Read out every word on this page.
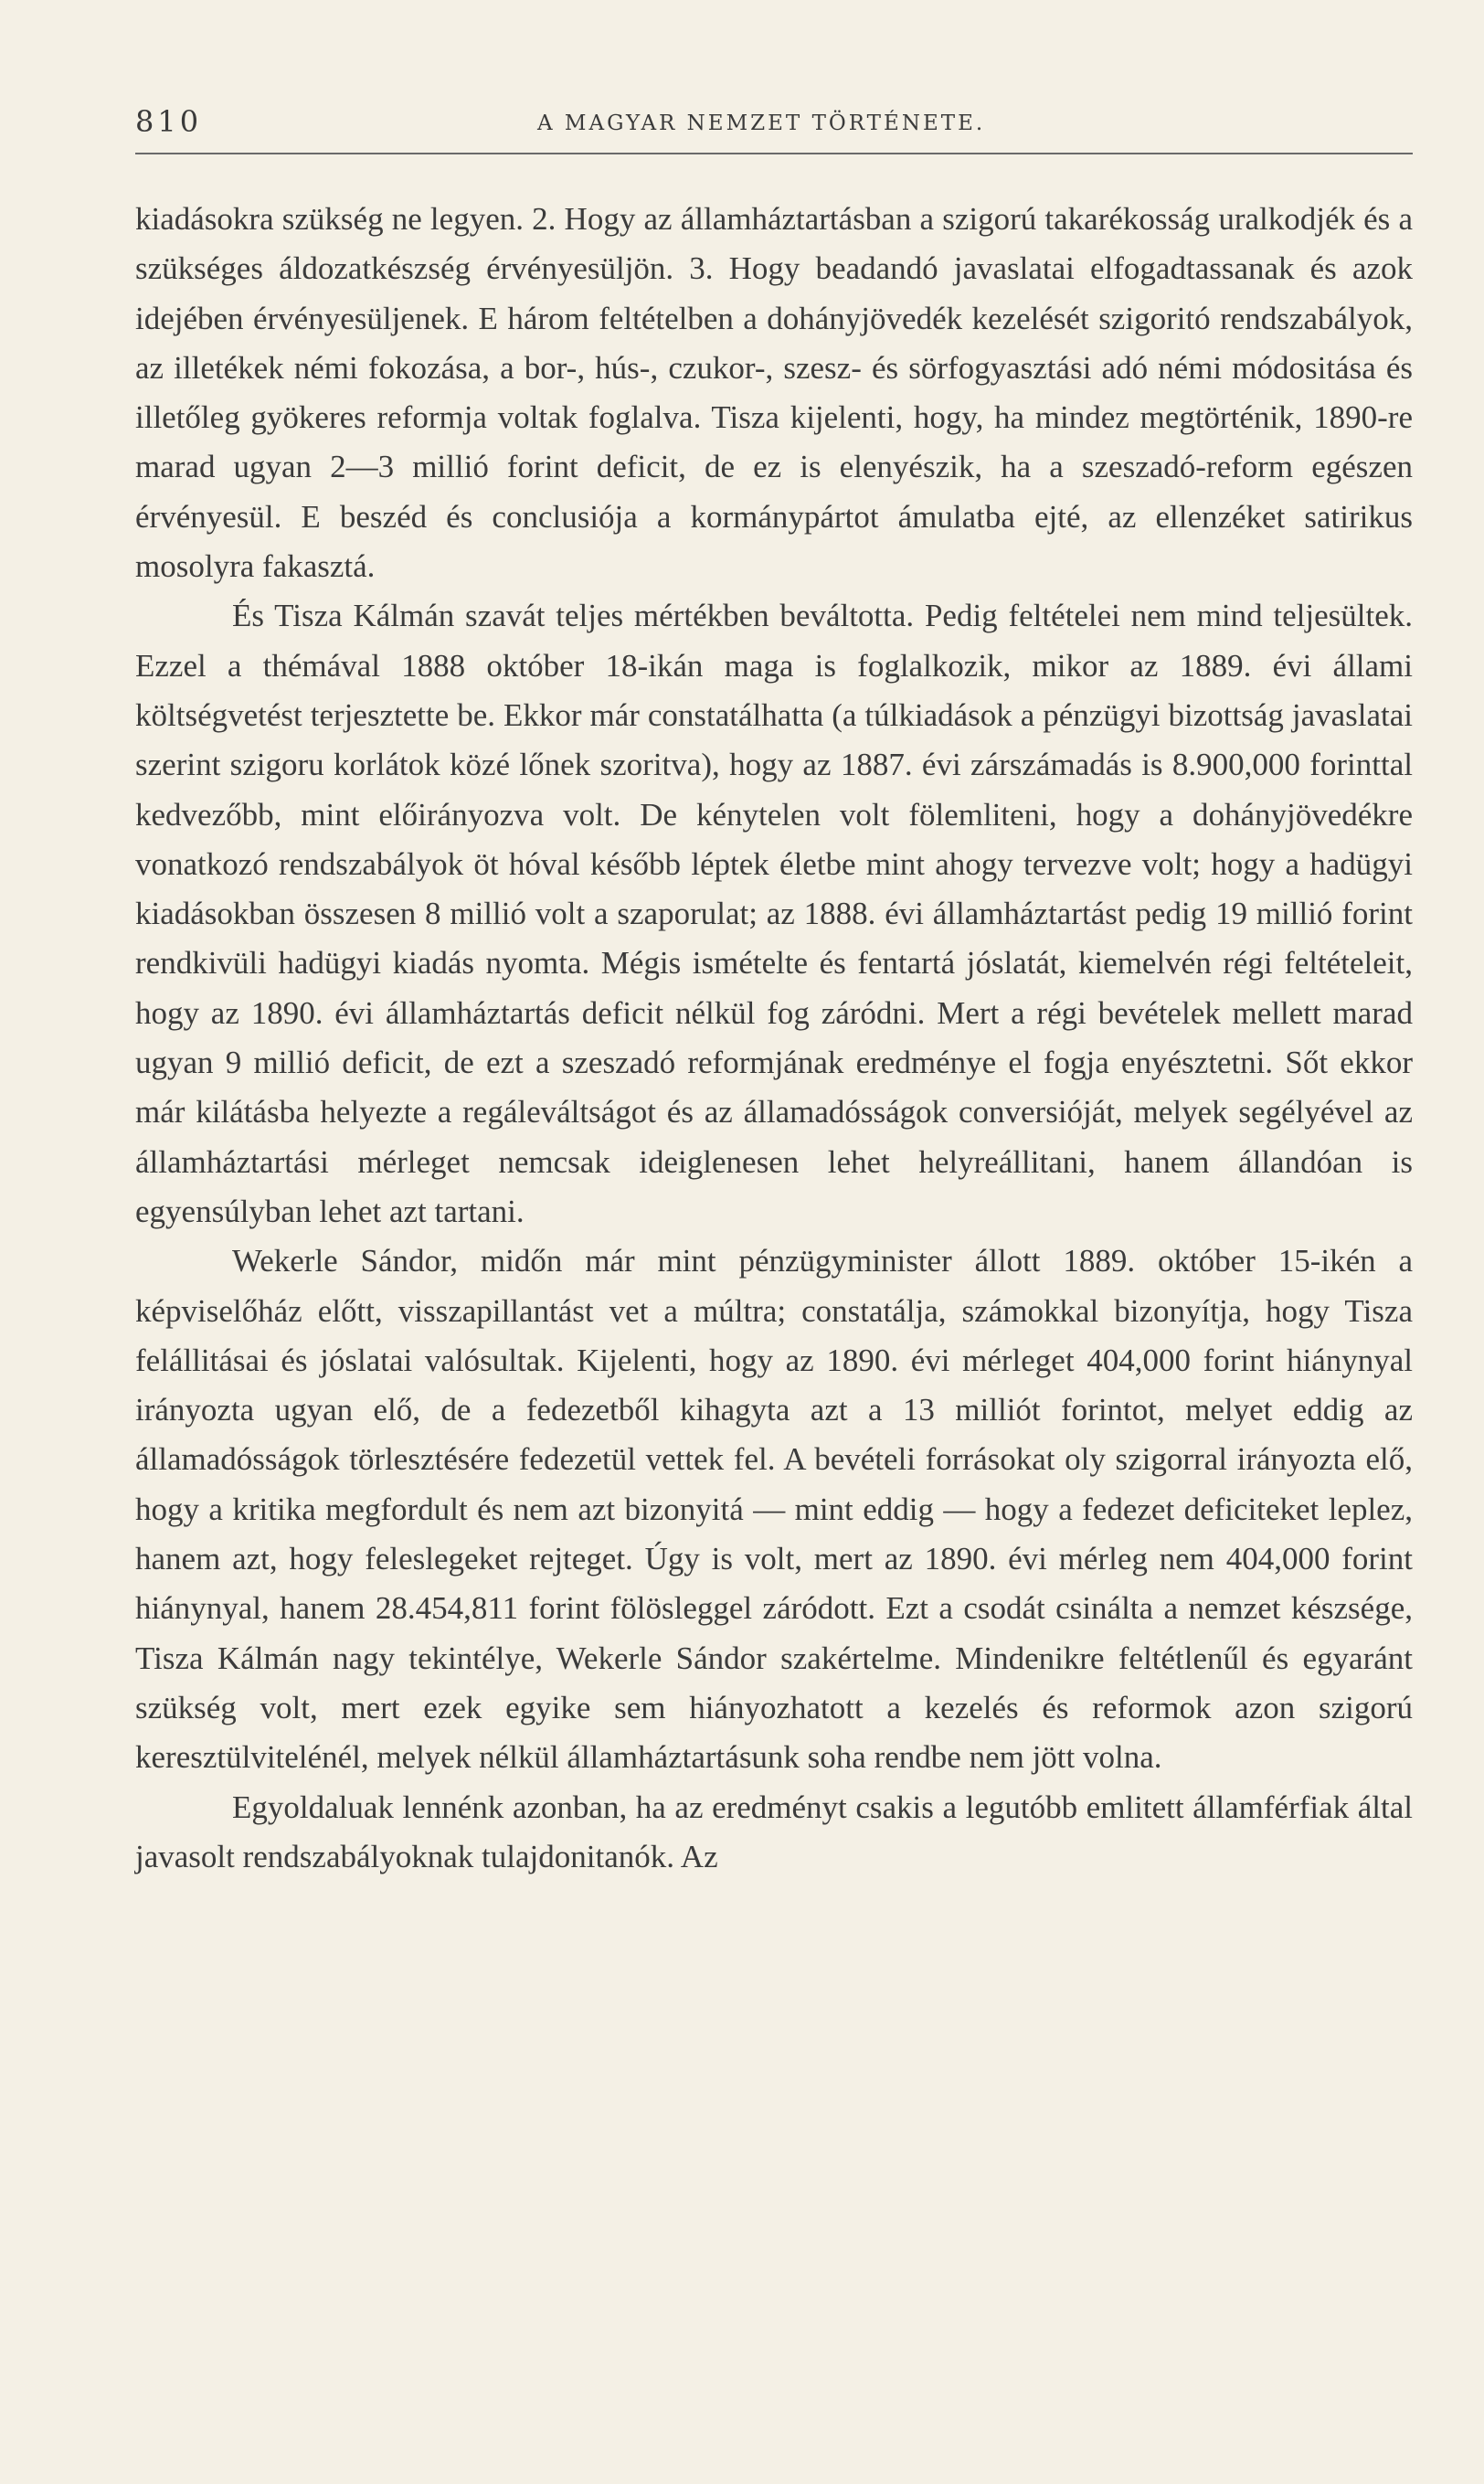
810	A MAGYAR NEMZET TÖRTÉNETE.

kiadásokra szükség ne legyen. 2. Hogy az államháztartásban a szigorú takarékosság uralkodjék és a szükséges áldozatkészség érvényesüljön. 3. Hogy beadandó javaslatai elfogadtassanak és azok idejében érvényesüljenek. E három feltételben a dohányjövedék kezelését szigoritó rendszabályok, az illetékek némi fokozása, a bor-, hús-, czukor-, szesz- és sörfogyasztási adó némi módositása és illetőleg gyökeres reformja voltak foglalva. Tisza kijelenti, hogy, ha mindez megtörténik, 1890-re marad ugyan 2—3 millió forint deficit, de ez is elenyészik, ha a szeszadó-reform egészen érvényesül. E beszéd és conclusiója a kormánypártot ámulatba ejté, az ellenzéket satirikus mosolyra fakasztá.

És Tisza Kálmán szavát teljes mértékben beváltotta. Pedig feltételei nem mind teljesültek. Ezzel a thémával 1888 október 18-ikán maga is foglalkozik, mikor az 1889. évi állami költségvetést terjesztette be. Ekkor már constatálhatta (a túlkiadások a pénzügyi bizottság javaslatai szerint szigoru korlátok közé lőnek szoritva), hogy az 1887. évi zárszámadás is 8.900,000 forinttal kedvezőbb, mint előirányozva volt. De kénytelen volt fölemliteni, hogy a dohányjövedékre vonatkozó rendszabályok öt hóval később léptek életbe mint ahogy tervezve volt; hogy a hadügyi kiadásokban összesen 8 millió volt a szaporulat; az 1888. évi államháztartást pedig 19 millió forint rendkivüli hadügyi kiadás nyomta. Mégis ismételte és fentartá jóslatát, kiemelvén régi feltételeit, hogy az 1890. évi államháztartás deficit nélkül fog záródni. Mert a régi bevételek mellett marad ugyan 9 millió deficit, de ezt a szeszadó reformjának eredménye el fogja enyésztetni. Sőt ekkor már kilátásba helyezte a regáleváltságot és az államadósságok conversióját, melyek segélyével az államháztartási mérleget nemcsak ideiglenesen lehet helyreállitani, hanem állandóan is egyensúlyban lehet azt tartani.

Wekerle Sándor, midőn már mint pénzügyminister állott 1889. október 15-ikén a képviselőház előtt, visszapillantást vet a múltra; constatálja, számokkal bizonyítja, hogy Tisza felállitásai és jóslatai valósultak. Kijelenti, hogy az 1890. évi mérleget 404,000 forint hiánynyal irányozta ugyan elő, de a fedezetből kihagyta azt a 13 milliót forintot, melyet eddig az államadósságok törlesztésére fedezetül vettek fel. A bevételi forrásokat oly szigorral irányozta elő, hogy a kritika megfordult és nem azt bizonyitá — mint eddig — hogy a fedezet deficiteket leplez, hanem azt, hogy feleslegeket rejteget. Úgy is volt, mert az 1890. évi mérleg nem 404,000 forint hiánynyal, hanem 28.454,811 forint fölösleggel záródott. Ezt a csodát csinálta a nemzet készsége, Tisza Kálmán nagy tekintélye, Wekerle Sándor szakértelme. Mindenikre feltétlenűl és egyaránt szükség volt, mert ezek egyike sem hiányozhatott a kezelés és reformok azon szigorú keresztülvitelénél, melyek nélkül államháztartásunk soha rendbe nem jött volna.

Egyoldaluak lennénk azonban, ha az eredményt csakis a legutóbb emlitett államférfiak által javasolt rendszabályoknak tulajdonitanók. Az
